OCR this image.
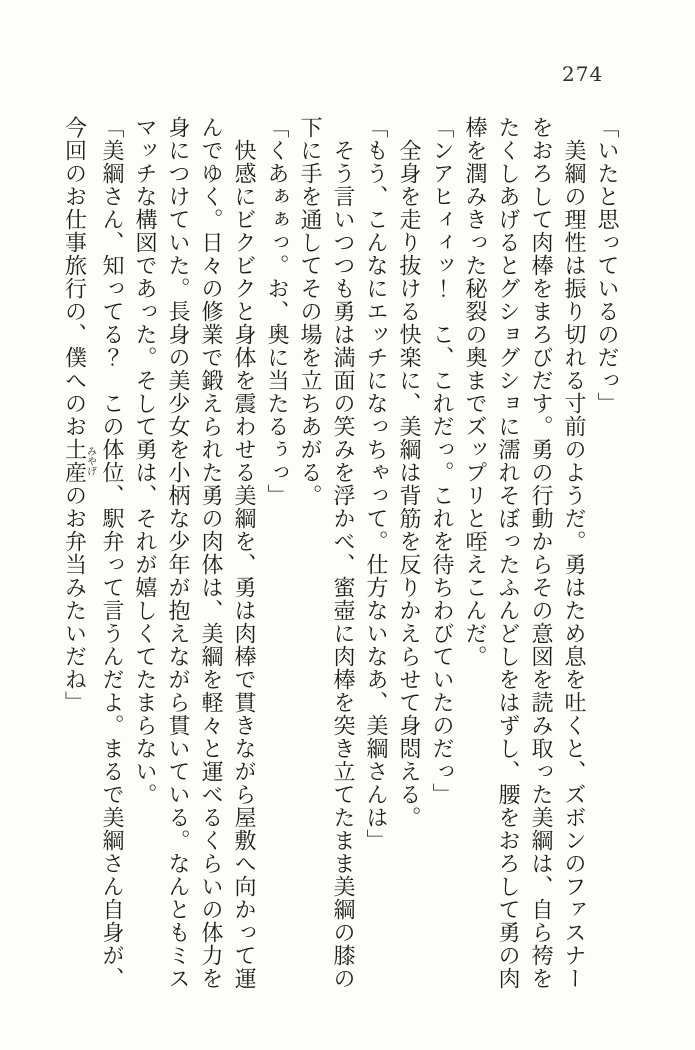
274
「いたと思っているのだっ」
　美綱の理性は振り切れる寸前のようだ。勇はため息を吐くと、ズボンのファスナー
をおろして肉棒をまろびだす。勇の行動からその意図を読み取った美綱は、自ら袴を
たくしあげるとグショグショに濡れそぼったふんどしをはずし、腰をおろして勇の肉
棒を潤みきった秘裂の奥までズップリと咥えこんだ。
「ンアヒィィッ！　こ、これだっ。これを待ちわびていたのだっ」
　全身を走り抜ける快楽に、美綱は背筋を反りかえらせて身悶える。
「もう、こんなにエッチになっちゃって。仕方ないなあ、美綱さんは」
　そう言いつつも勇は満面の笑みを浮かべ、蜜壺に肉棒を突き立てたまま美綱の膝の
下に手を通してその場を立ちあがる。
「くあぁぁっ。お、奥に当たるぅっ」
　快感にビクビクと身体を震わせる美綱を、勇は肉棒で貫きながら屋敷へ向かって運
んでゆく。日々の修業で鍛えられた勇の肉体は、美綱を軽々と運べるくらいの体力を
身につけていた。長身の美少女を小柄な少年が抱えながら貫いている。なんともミス
マッチな構図であった。そして勇は、それが嬉しくてたまらない。
「美綱さん、知ってる？　この体位、駅弁って言うんだよ。まるで美綱さん自身が、
今回のお仕事旅行の、僕へのお土産みやげのお弁当みたいだね」
